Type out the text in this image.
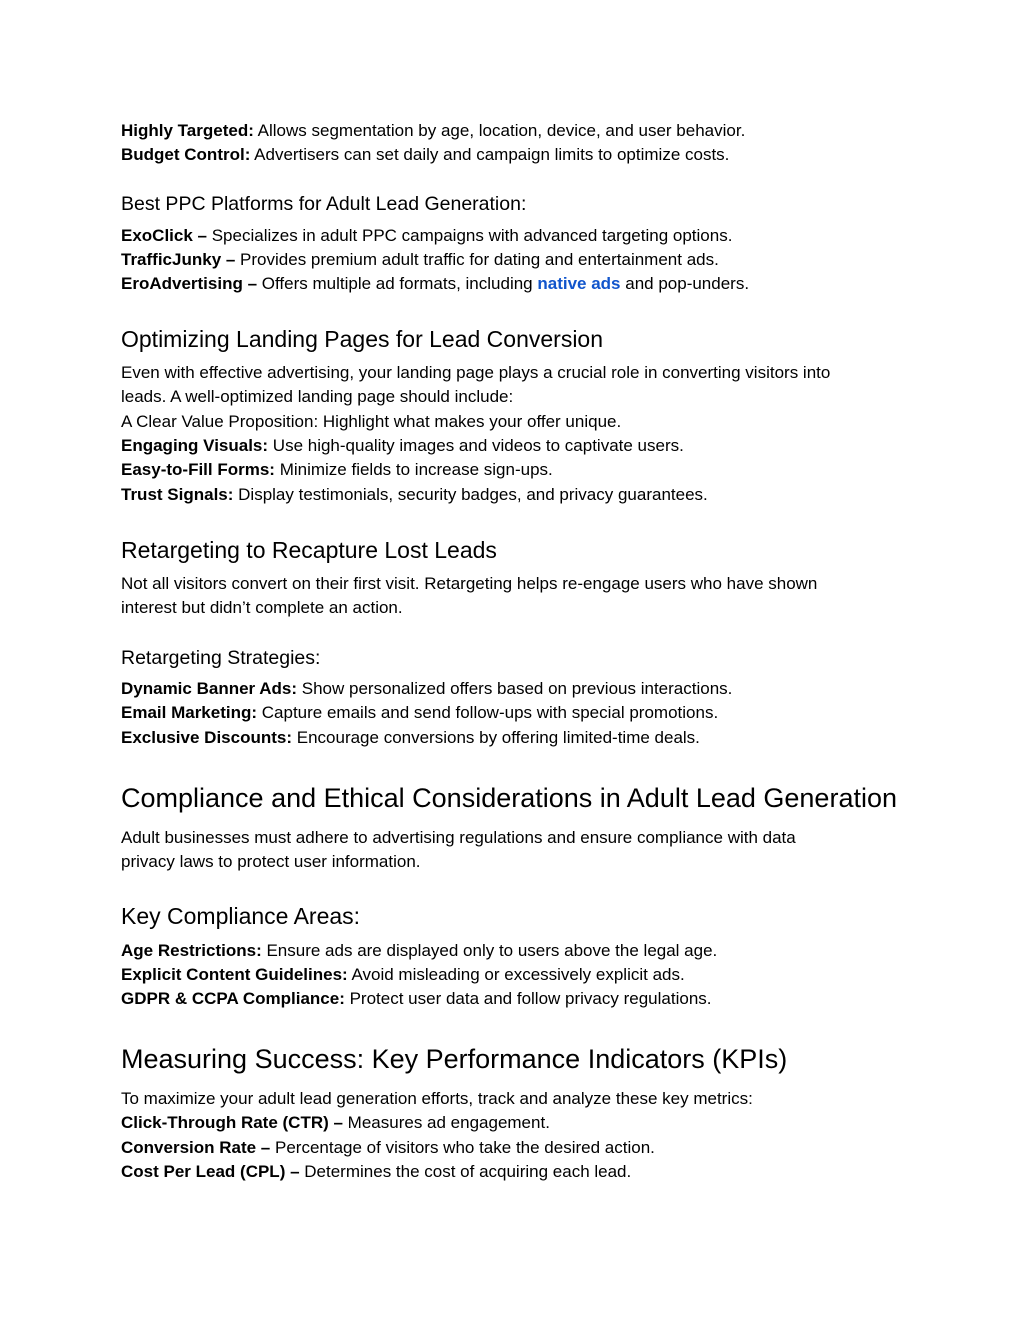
Highly Targeted: Allows segmentation by age, location, device, and user behavior.
Budget Control: Advertisers can set daily and campaign limits to optimize costs.
Best PPC Platforms for Adult Lead Generation:
ExoClick – Specializes in adult PPC campaigns with advanced targeting options.
TrafficJunky – Provides premium adult traffic for dating and entertainment ads.
EroAdvertising – Offers multiple ad formats, including native ads and pop-unders.
Optimizing Landing Pages for Lead Conversion
Even with effective advertising, your landing page plays a crucial role in converting visitors into
leads. A well-optimized landing page should include:
A Clear Value Proposition: Highlight what makes your offer unique.
Engaging Visuals: Use high-quality images and videos to captivate users.
Easy-to-Fill Forms: Minimize fields to increase sign-ups.
Trust Signals: Display testimonials, security badges, and privacy guarantees.
Retargeting to Recapture Lost Leads
Not all visitors convert on their first visit. Retargeting helps re-engage users who have shown
interest but didn’t complete an action.
Retargeting Strategies:
Dynamic Banner Ads: Show personalized offers based on previous interactions.
Email Marketing: Capture emails and send follow-ups with special promotions.
Exclusive Discounts: Encourage conversions by offering limited-time deals.
Compliance and Ethical Considerations in Adult Lead Generation
Adult businesses must adhere to advertising regulations and ensure compliance with data
privacy laws to protect user information.
Key Compliance Areas:
Age Restrictions: Ensure ads are displayed only to users above the legal age.
Explicit Content Guidelines: Avoid misleading or excessively explicit ads.
GDPR & CCPA Compliance: Protect user data and follow privacy regulations.
Measuring Success: Key Performance Indicators (KPIs)
To maximize your adult lead generation efforts, track and analyze these key metrics:
Click-Through Rate (CTR) – Measures ad engagement.
Conversion Rate – Percentage of visitors who take the desired action.
Cost Per Lead (CPL) – Determines the cost of acquiring each lead.
